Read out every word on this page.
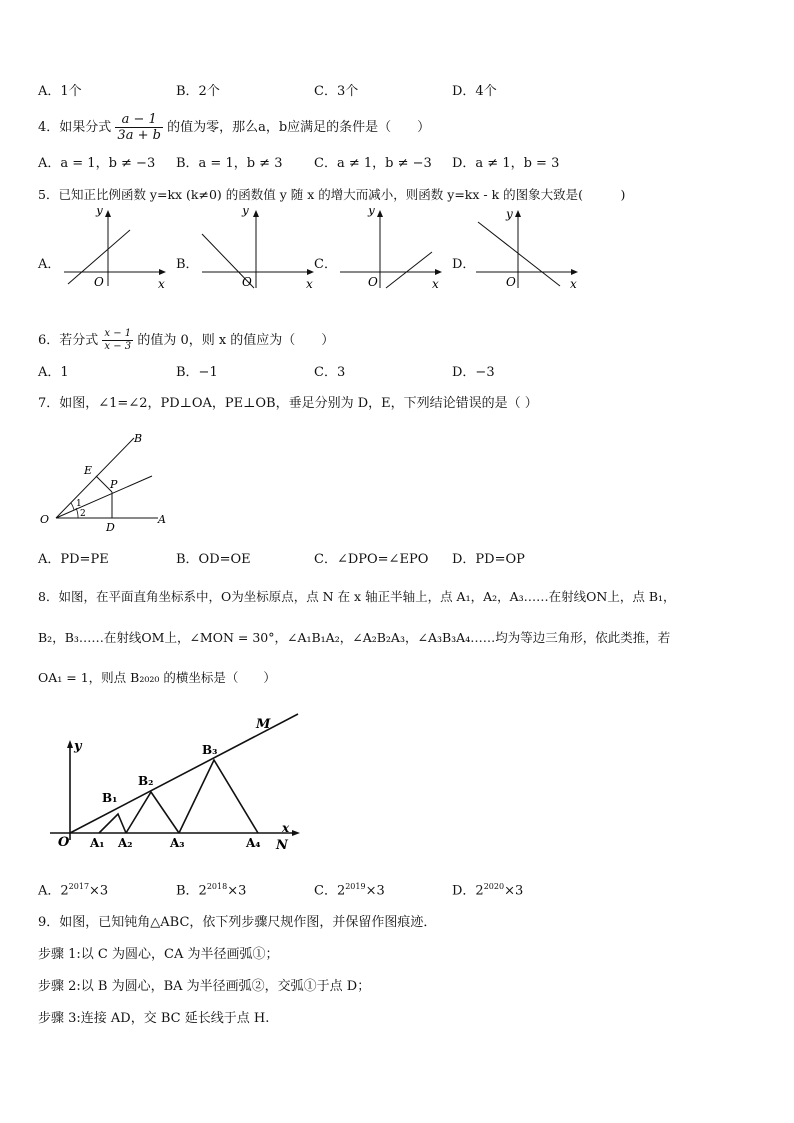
A．1个	B．2个	C．3个	D．4个
4．如果分式 $\frac{a - 1}{3a + b}$ 的值为零，那么a，b应满足的条件是（　　）
A．a = 1，b ≠ −3 B．a = 1，b ≠ 3 C．a ≠ 1，b ≠ −3 D．a ≠ 1，b = 3
5．已知正比例函数 y=kx (k≠0) 的函数值 y 随 x 的增大而减小，则函数 y=kx - k 的图象大致是(　　　)
A．	B．	C．	D．
y
x
O
y
x
O
y
x
O
y
x
O
6．若分式 $\frac{x - 1}{x - 3}$ 的值为 0，则 x 的值应为（　　）
A．1	B．−1	C．3	D．−3
7．如图，∠1=∠2，PD⊥OA，PE⊥OB，垂足分别为 D，E，下列结论错误的是（ ）
O	A
B
E
P
D
1
2
A．PD=PE	B．OD=OE	C．∠DPO=∠EPO D．PD=OP
8．如图，在平面直角坐标系中，O为坐标原点，点 N 在 x 轴正半轴上，点 A₁，A₂，A₃……在射线ON上，点 B₁，
B₂，B₃……在射线OM上，∠MON = 30°，∠A₁B₁A₂，∠A₂B₂A₃，∠A₃B₃A₄……均为等边三角形，依此类推，若
OA₁ = 1，则点 B₂₀₂₀ 的横坐标是（　　）
y
O
M
x
N
B₁
B₂
B₃
A₁ A₂	A₃	A₄
A．$2^{2017}\times 3$	B．$2^{2018}\times 3$	C．$2^{2019}\times 3$	D．$2^{2020}\times 3$
9．如图，已知钝角△ABC，依下列步骤尺规作图，并保留作图痕迹．
步骤 1:以 C 为圆心，CA 为半径画弧①；
步骤 2:以 B 为圆心，BA 为半径画弧②，交弧①于点 D；
步骤 3:连接 AD，交 BC 延长线于点 H.
